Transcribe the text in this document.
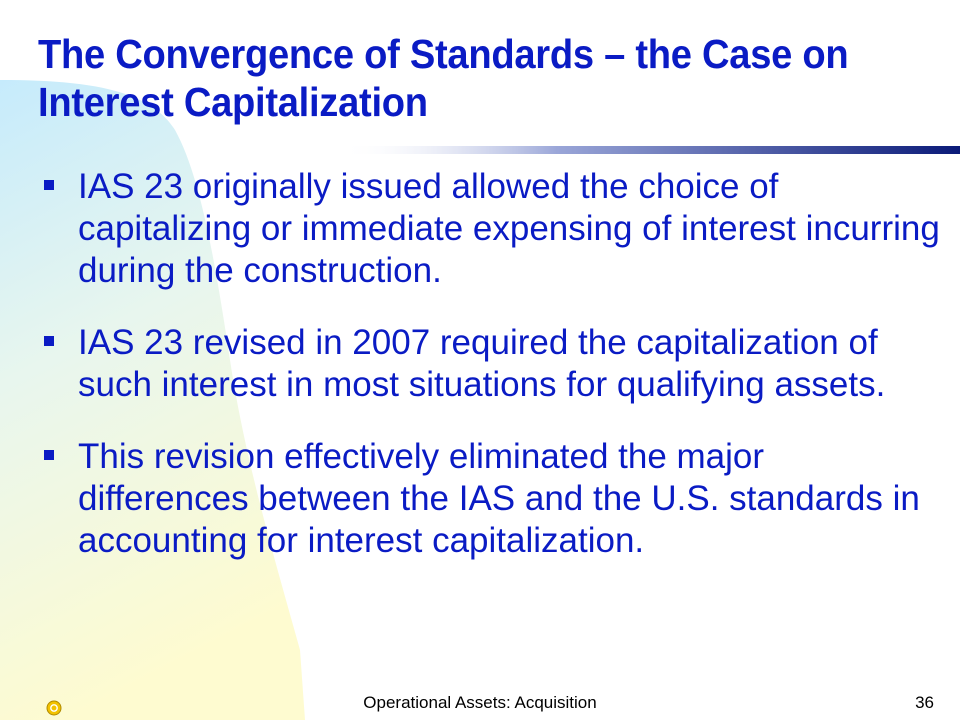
The Convergence of Standards – the Case on Interest Capitalization
IAS 23 originally issued allowed the choice of capitalizing or immediate expensing of interest incurring during the construction.
IAS 23 revised in 2007 required the capitalization of such interest in most situations for qualifying assets.
This revision effectively eliminated the major differences between the IAS and the U.S. standards in accounting for interest capitalization.
Operational Assets: Acquisition	36
